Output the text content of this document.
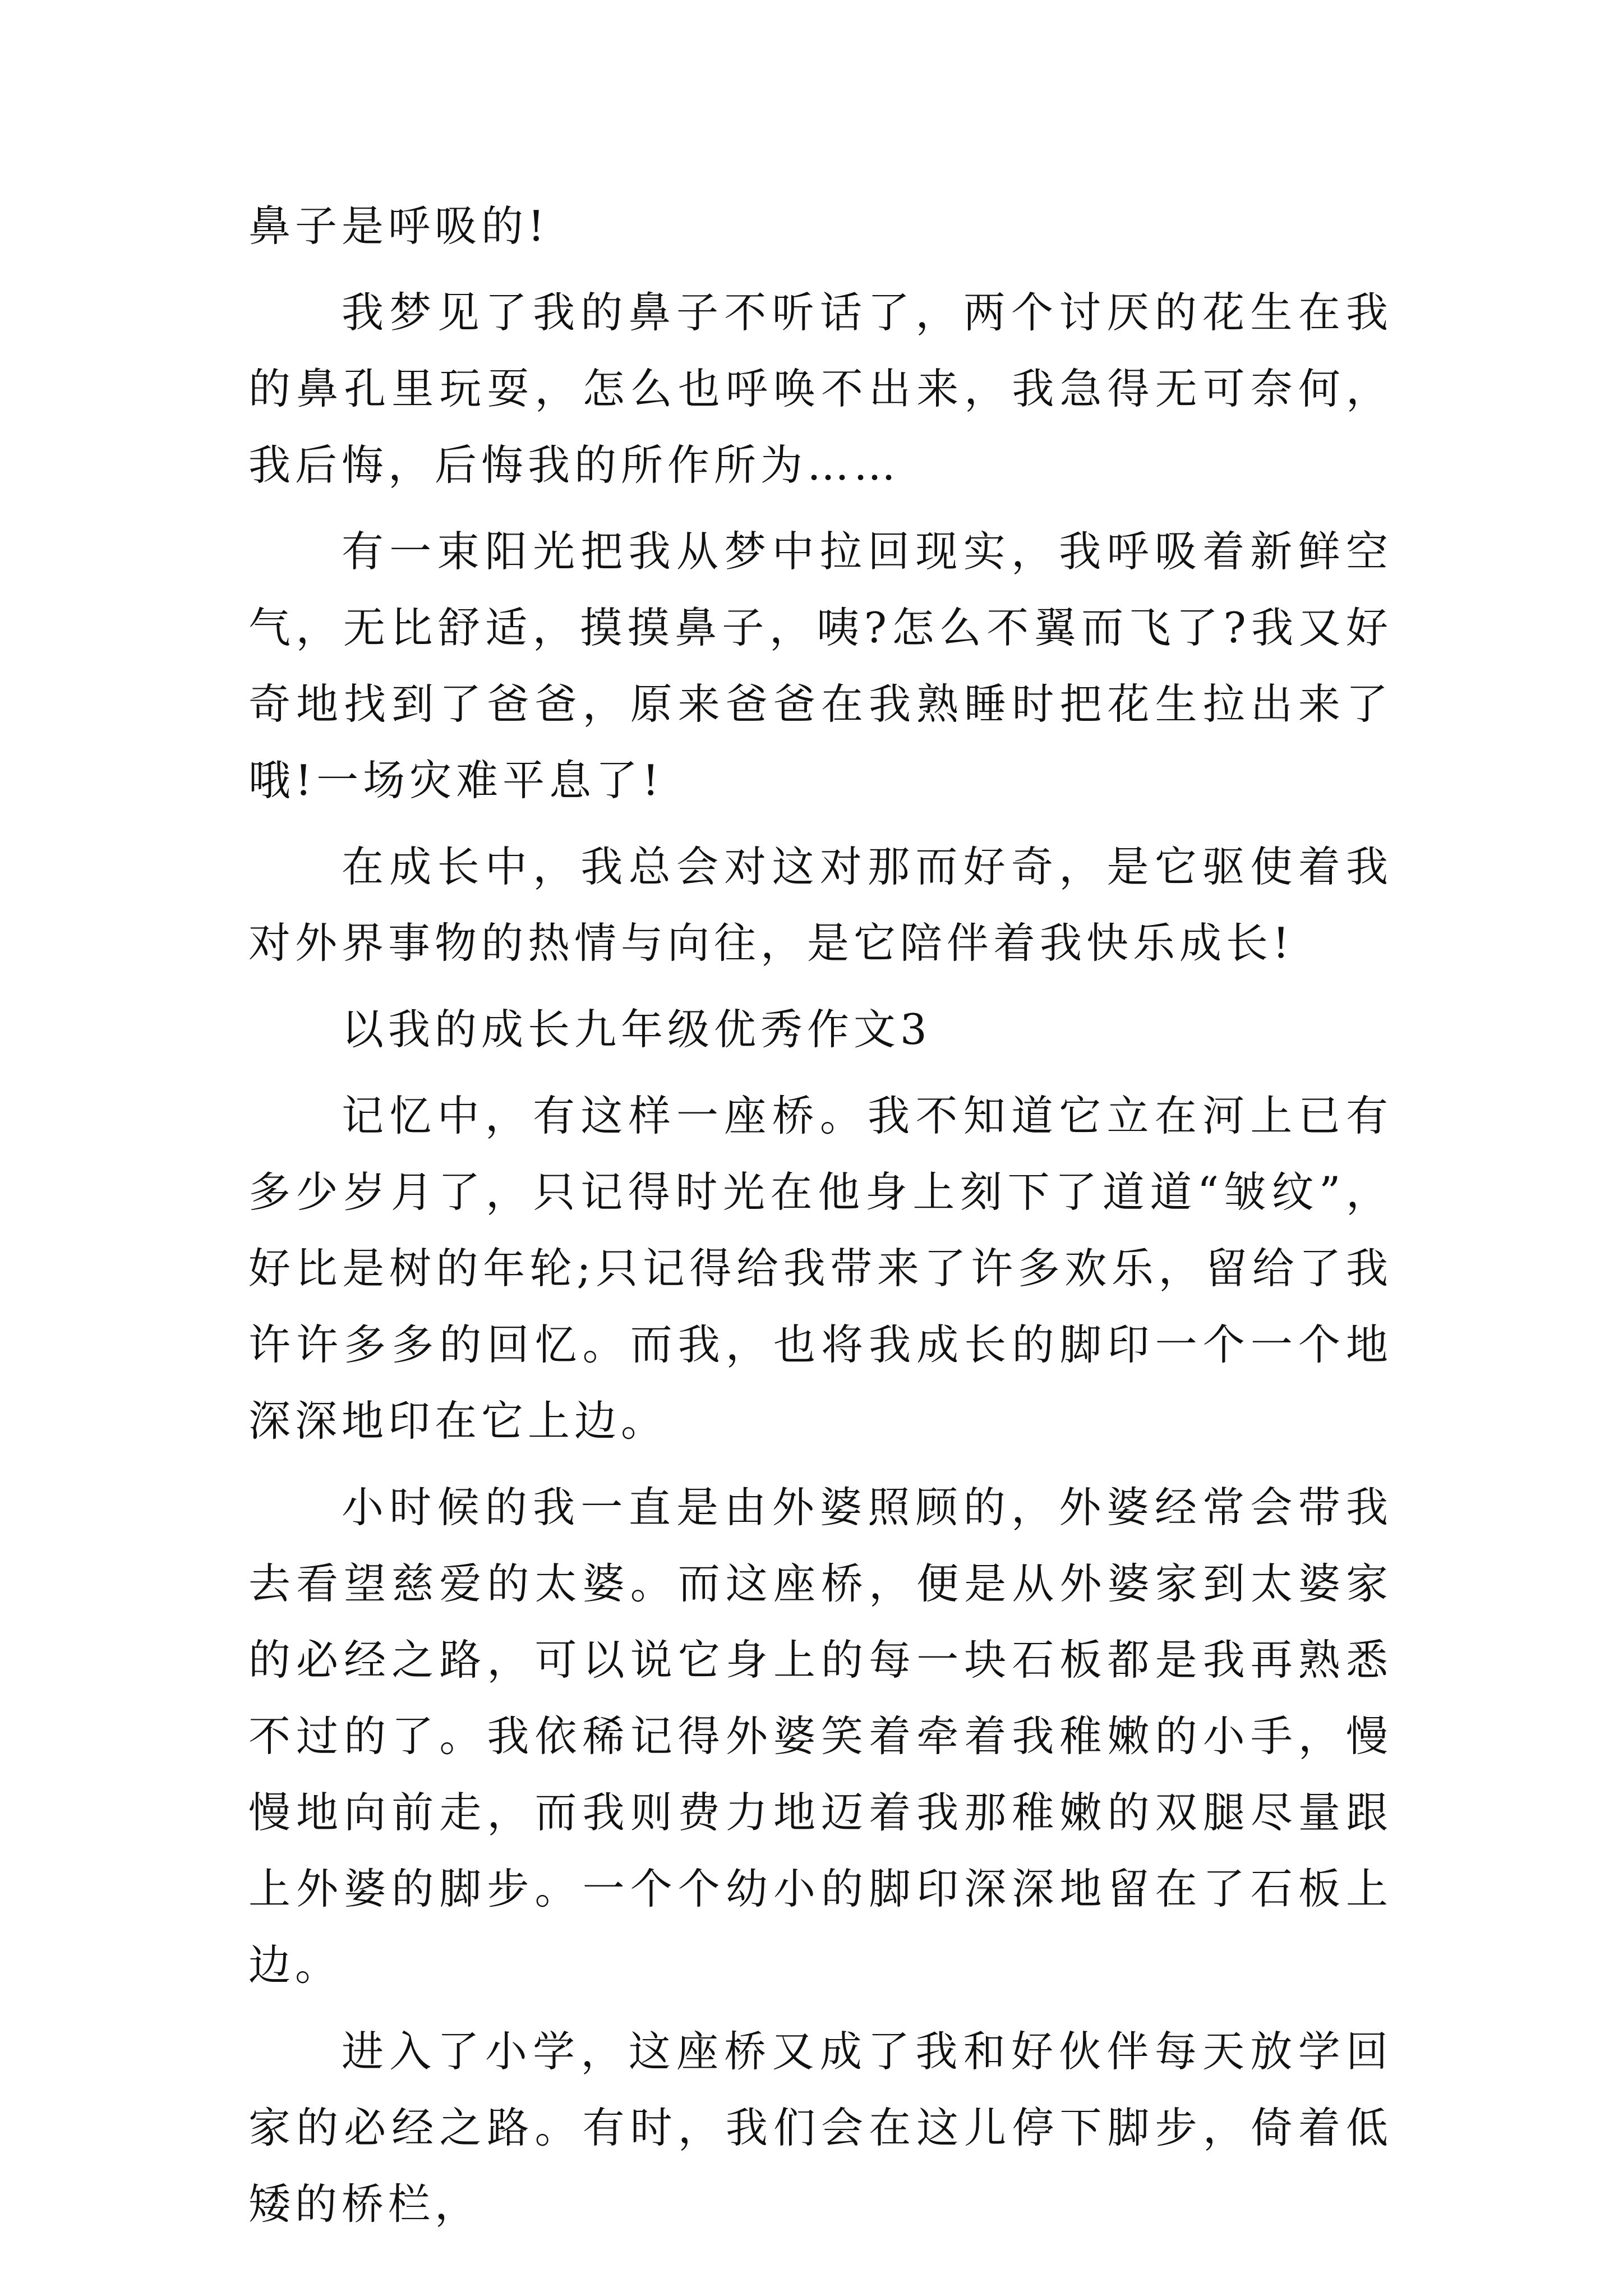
鼻子是呼吸的!

我梦见了我的鼻子不听话了，两个讨厌的花生在我的鼻孔里玩耍，怎么也呼唤不出来，我急得无可奈何，我后悔，后悔我的所作所为……

有一束阳光把我从梦中拉回现实，我呼吸着新鲜空气，无比舒适，摸摸鼻子，咦?怎么不翼而飞了?我又好奇地找到了爸爸，原来爸爸在我熟睡时把花生拉出来了哦!一场灾难平息了!

在成长中，我总会对这对那而好奇，是它驱使着我对外界事物的热情与向往，是它陪伴着我快乐成长!

以我的成长九年级优秀作文3

记忆中，有这样一座桥。我不知道它立在河上已有多少岁月了，只记得时光在他身上刻下了道道“皱纹”，好比是树的年轮;只记得给我带来了许多欢乐，留给了我许许多多的回忆。而我，也将我成长的脚印一个一个地深深地印在它上边。

小时候的我一直是由外婆照顾的，外婆经常会带我去看望慈爱的太婆。而这座桥，便是从外婆家到太婆家的必经之路，可以说它身上的每一块石板都是我再熟悉不过的了。我依稀记得外婆笑着牵着我稚嫩的小手，慢慢地向前走，而我则费力地迈着我那稚嫩的双腿尽量跟上外婆的脚步。一个个幼小的脚印深深地留在了石板上边。

进入了小学，这座桥又成了我和好伙伴每天放学回家的必经之路。有时，我们会在这儿停下脚步，倚着低矮的桥栏，
